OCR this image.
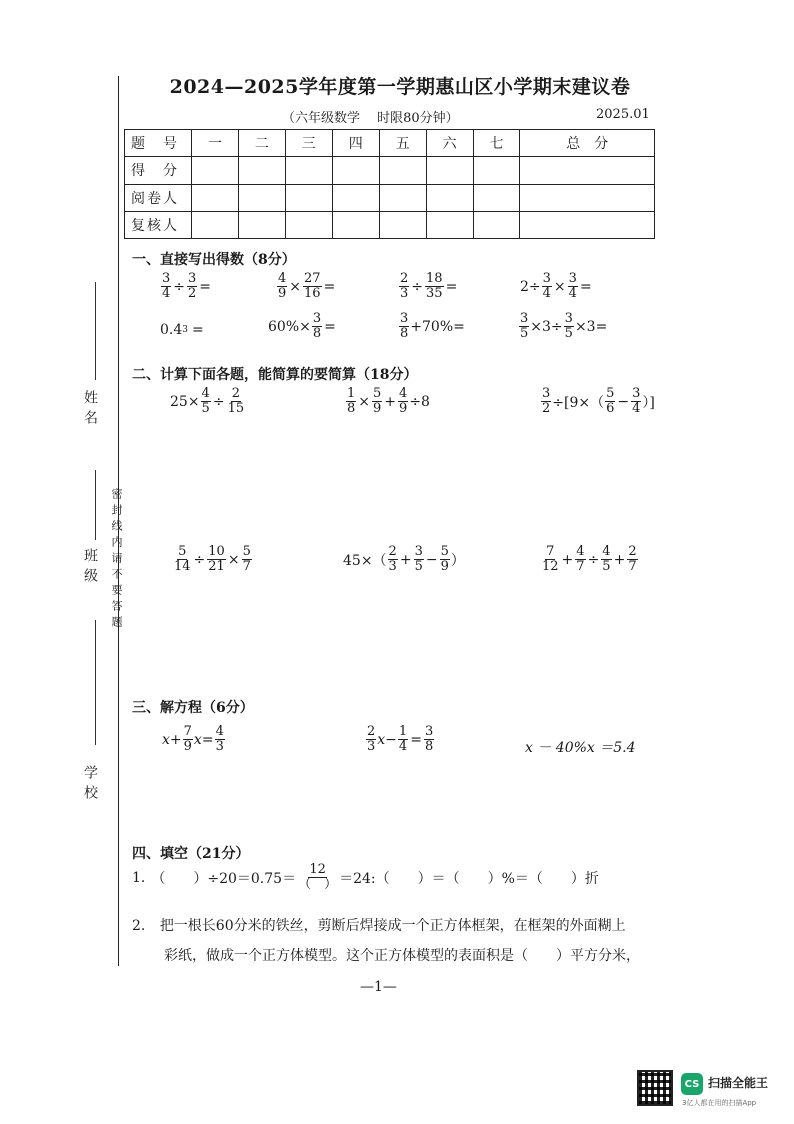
2024—2025学年度第一学期惠山区小学期末建议卷
（六年级数学　 时限80分钟）	2025.01
题　号	一	二	三	四	五	六	七	总　分
得　分								
阅卷人								
复核人								
姓名
班级
学校
密封线内请不要答题
一、直接写出得数（8分）
$\frac{3}{4} \div \frac{3}{2}$ =	$\frac{4}{9} \times \frac{27}{16}$ =	$\frac{2}{3} \div \frac{18}{35}$ =	$2\div \frac{3}{4} \times \frac{3}{4}$ =
0.4 3 =	$60\%\times \frac{3}{8}$ =	$\frac{3}{8} +70\%=$	$\frac{3}{5} \times 3\div \frac{3}{5} \times 3=$
二、计算下面各题，能简算的要简算（18分）
$25\times \frac{4}{5} \div \frac{2}{15}$	$\frac{1}{8} \times \frac{5}{9} + \frac{4}{9} \div 8$	$\frac{3}{2} \div[9\times( \frac{5}{6} - \frac{3}{4}$ ）]
$\frac{5}{14} \div \frac{10}{21} \times \frac{5}{7}$	$45\times( \frac{2}{3} + \frac{3}{5} - \frac{5}{9}$ ）	$\frac{7}{12} + \frac{4}{7} \div \frac{4}{5} + \frac{2}{7}$
三、解方程（6分）
$x+ \frac{7}{9} x= \frac{4}{3}$	$\frac{2}{3} x- \frac{1}{4} = \frac{3}{8}$	x － 40%x ＝5.4
四、填空（21分）
1. （　　）$\div 20=0.75= \frac{12}{( )}$ ＝24:（　　）＝（　　）%＝（　　）折
2. 把一根长60分米的铁丝，剪断后焊接成一个正方体框架，在框架的外面糊上
彩纸，做成一个正方体模型。这个正方体模型的表面积是（　　）平方分米，
—1—
CS 扫描全能王
3亿人都在用的扫描App
